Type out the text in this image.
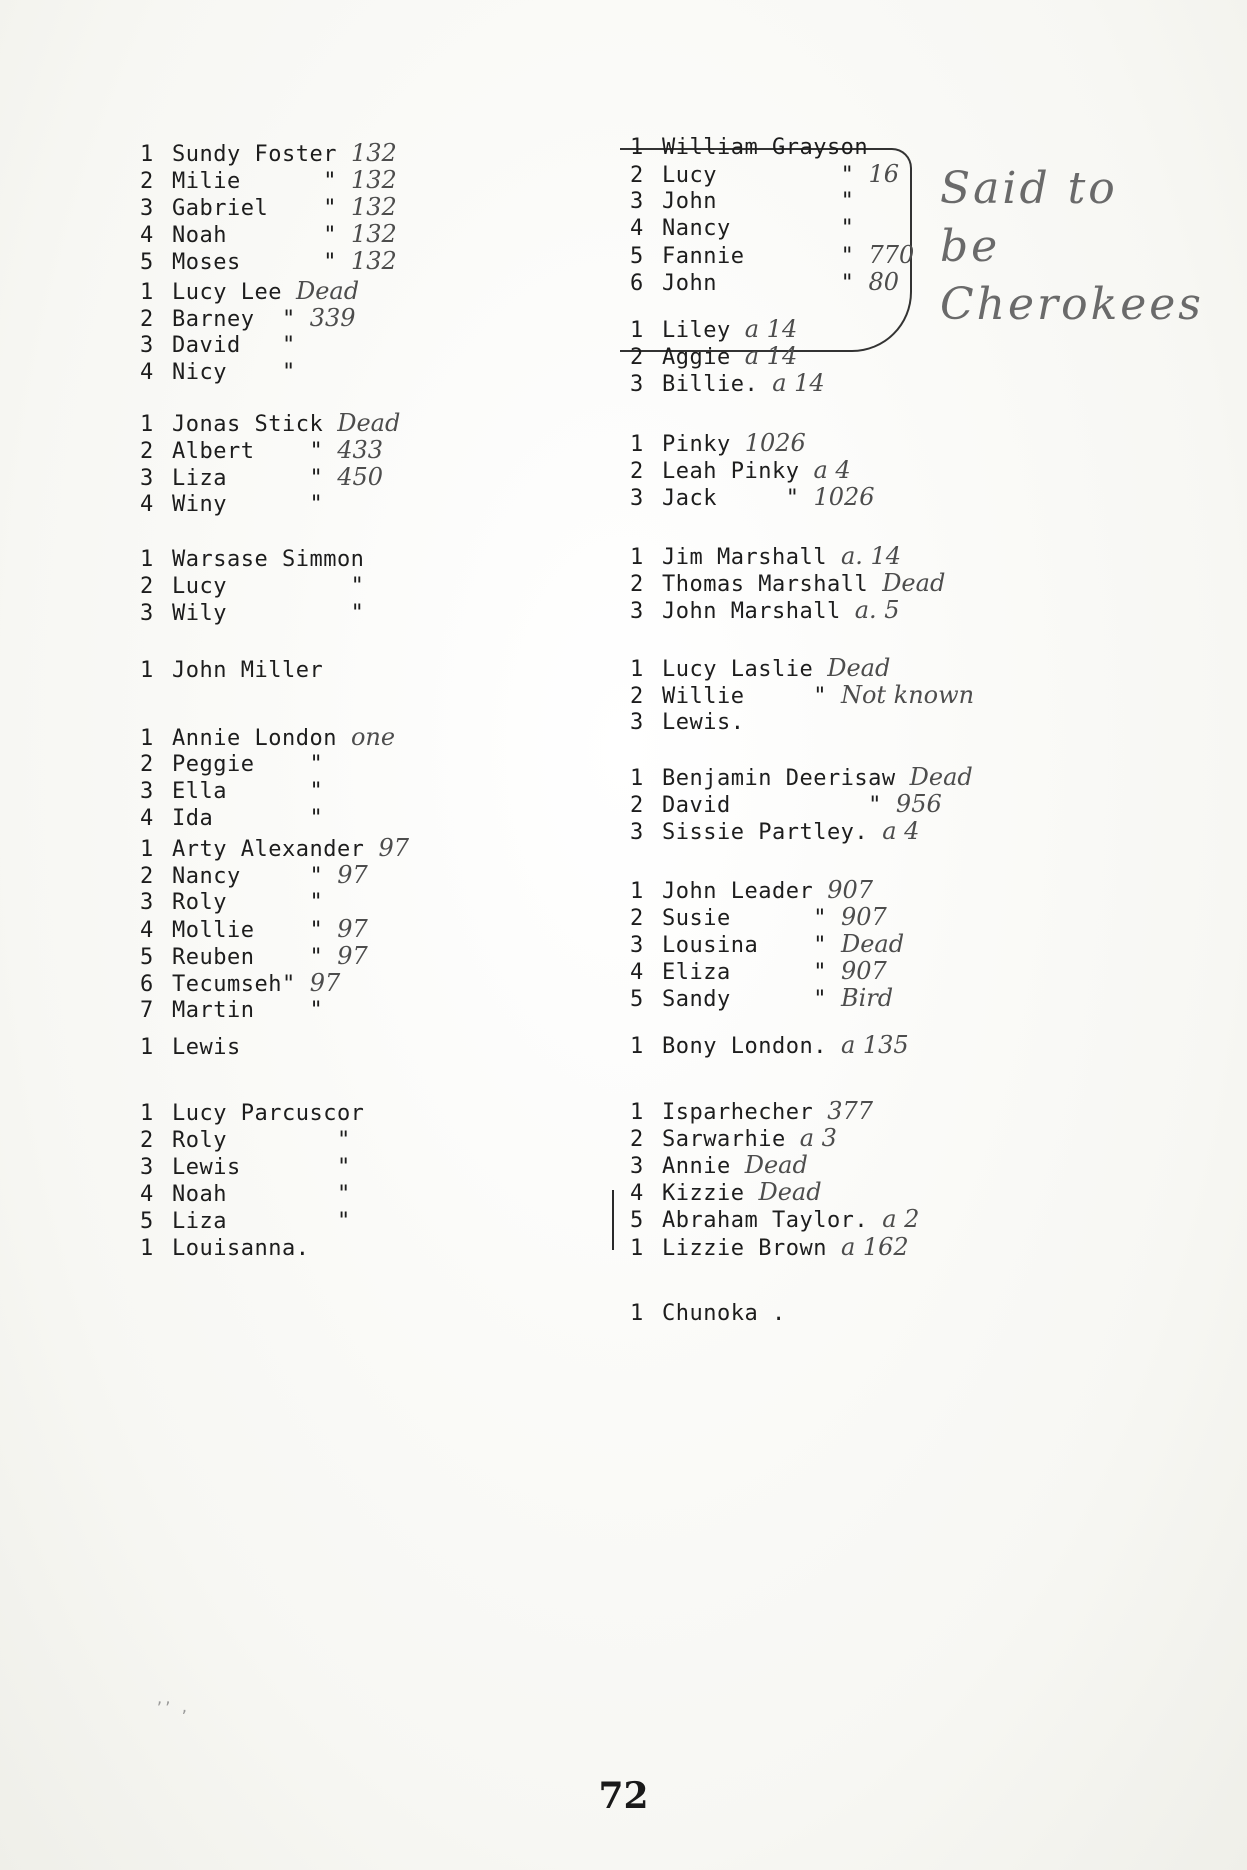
1 Sundy Foster 132
2 Milie      " 132
3 Gabriel    " 132
4 Noah       " 132
5 Moses      " 132
1 Lucy Lee Dead
2 Barney  " 339
3 David   "
4 Nicy    "
1 Jonas Stick Dead
2 Albert    " 433
3 Liza      " 450
4 Winy      "
1 Warsase Simmon
2 Lucy         "
3 Wily         "
1 John Miller
1 Annie London one
2 Peggie    "
3 Ella      "
4 Ida       "
1 Arty Alexander 97
2 Nancy     " 97
3 Roly      "
4 Mollie    " 97
5 Reuben    " 97
6 Tecumseh" 97
7 Martin    "
1 Lewis
1 Lucy Parcuscor
2 Roly        "
3 Lewis       "
4 Noah        "
5 Liza        "
1 Louisanna.
1 William Grayson
2 Lucy         " 16
3 John         "
4 Nancy        "
5 Fannie       " 770
6 John         " 80
1 Liley a 14
2 Aggie a 14
3 Billie. a 14
1 Pinky 1026
2 Leah Pinky a 4
3 Jack     " 1026
1 Jim Marshall a. 14
2 Thomas Marshall Dead
3 John Marshall a. 5
1 Lucy Laslie Dead
2 Willie     " Not known
3 Lewis.
1 Benjamin Deerisaw Dead
2 David          " 956
3 Sissie Partley. a 4
1 John Leader 907
2 Susie      " 907
3 Lousina    " Dead
4 Eliza      " 907
5 Sandy      " Bird
1 Bony London. a 135
1 Isparhecher 377
2 Sarwarhie a 3
3 Annie Dead
4 Kizzie Dead
5 Abraham Taylor. a 2
1 Lizzie Brown a 162
1 Chunoka .
Said to be Cherokees
ʼʼ ,
72
